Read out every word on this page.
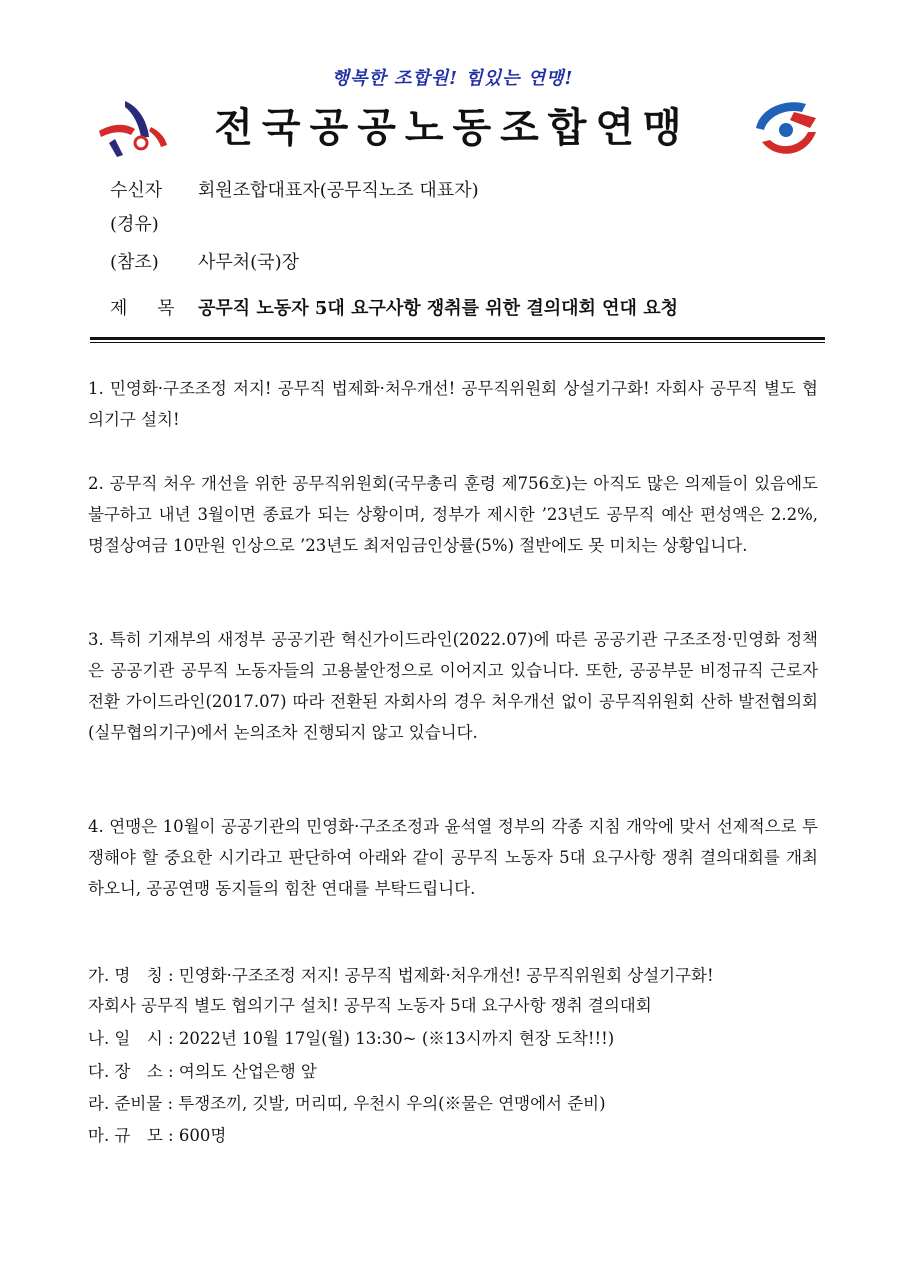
행복한 조합원! 힘있는 연맹!
전국공공노동조합연맹
수신자 회원조합대표자(공무직노조 대표자)
(경유)
(참조) 사무처(국)장
제 목 공무직 노동자 5대 요구사항 쟁취를 위한 결의대회 연대 요청
1. 민영화·구조조정 저지! 공무직 법제화·처우개선! 공무직위원회 상설기구화! 자회사 공무직 별도 협의기구 설치!
2. 공무직 처우 개선을 위한 공무직위원회(국무총리 훈령 제756호)는 아직도 많은 의제들이 있음에도 불구하고 내년 3월이면 종료가 되는 상황이며, 정부가 제시한 ’23년도 공무직 예산 편성액은 2.2%, 명절상여금 10만원 인상으로 ’23년도 최저임금인상률(5%) 절반에도 못 미치는 상황입니다.
3. 특히 기재부의 새정부 공공기관 혁신가이드라인(2022.07)에 따른 공공기관 구조조정·민영화 정책은 공공기관 공무직 노동자들의 고용불안정으로 이어지고 있습니다. 또한, 공공부문 비정규직 근로자 전환 가이드라인(2017.07) 따라 전환된 자회사의 경우 처우개선 없이 공무직위원회 산하 발전협의회(실무협의기구)에서 논의조차 진행되지 않고 있습니다.
4. 연맹은 10월이 공공기관의 민영화·구조조정과 윤석열 정부의 각종 지침 개악에 맞서 선제적으로 투쟁해야 할 중요한 시기라고 판단하여 아래와 같이 공무직 노동자 5대 요구사항 쟁취 결의대회를 개최하오니, 공공연맹 동지들의 힘찬 연대를 부탁드립니다.
가. 명　칭 : 민영화·구조조정 저지! 공무직 법제화·처우개선! 공무직위원회 상설기구화!
자회사 공무직 별도 협의기구 설치! 공무직 노동자 5대 요구사항 쟁취 결의대회
나. 일　시 : 2022년 10월 17일(월) 13:30~ (※13시까지 현장 도착!!!)
다. 장　소 : 여의도 산업은행 앞
라. 준비물 : 투쟁조끼, 깃발, 머리띠, 우천시 우의(※물은 연맹에서 준비)
마. 규　모 : 600명
